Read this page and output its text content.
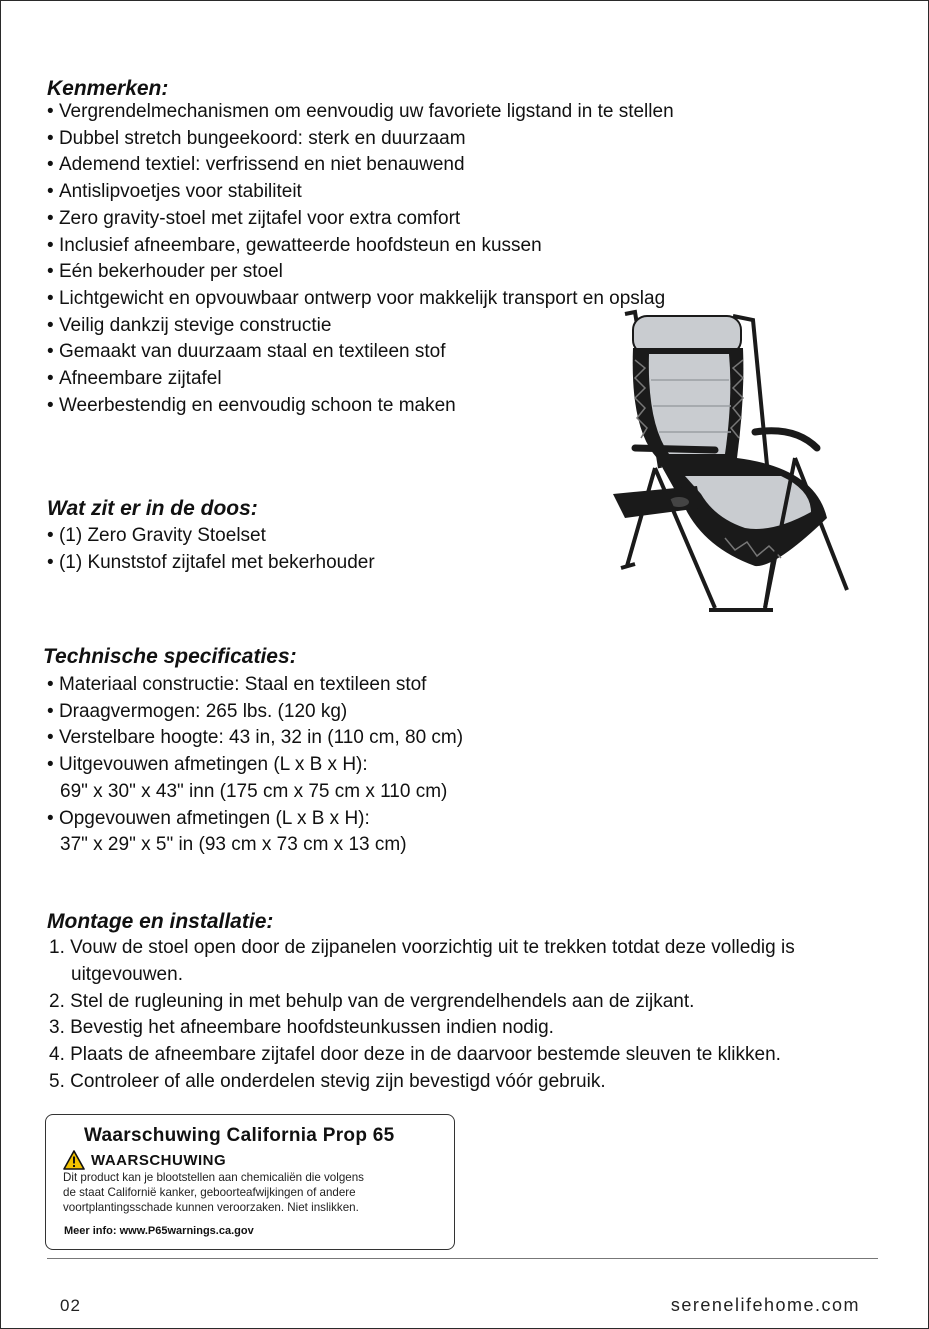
Kenmerken:
• Vergrendelmechanismen om eenvoudig uw favoriete ligstand in te stellen
• Dubbel stretch bungeekoord: sterk en duurzaam
• Ademend textiel: verfrissend en niet benauwend
• Antislipvoetjes voor stabiliteit
• Zero gravity-stoel met zijtafel voor extra comfort
• Inclusief afneembare, gewatteerde hoofdsteun en kussen
• Eén bekerhouder per stoel
• Lichtgewicht en opvouwbaar ontwerp voor makkelijk transport en opslag
• Veilig dankzij stevige constructie
• Gemaakt van duurzaam staal en textileen stof
• Afneembare zijtafel
• Weerbestendig en eenvoudig schoon te maken
Wat zit er in de doos:
• (1) Zero Gravity Stoelset
• (1) Kunststof zijtafel met bekerhouder
Technische specificaties:
• Materiaal constructie: Staal en textileen stof
• Draagvermogen: 265 lbs. (120 kg)
• Verstelbare hoogte: 43 in, 32 in (110 cm, 80 cm)
• Uitgevouwen afmetingen (L x B x H):
69" x 30" x 43" inn (175 cm x 75 cm x 110 cm)
• Opgevouwen afmetingen (L x B x H):
37" x 29" x 5" in (93 cm x 73 cm x 13 cm)
Montage en installatie:
1. Vouw de stoel open door de zijpanelen voorzichtig uit te trekken totdat deze volledig is
uitgevouwen.
2. Stel de rugleuning in met behulp van de vergrendelhendels aan de zijkant.
3. Bevestig het afneembare hoofdsteunkussen indien nodig.
4. Plaats de afneembare zijtafel door deze in de daarvoor bestemde sleuven te klikken.
5. Controleer of alle onderdelen stevig zijn bevestigd vóór gebruik.
Waarschuwing California Prop 65
WAARSCHUWING
Dit product kan je blootstellen aan chemicaliën die volgens
de staat Californië kanker, geboorteafwijkingen of andere
voortplantingsschade kunnen veroorzaken. Niet inslikken.
Meer info: www.P65warnings.ca.gov
02	serenelifehome.com
